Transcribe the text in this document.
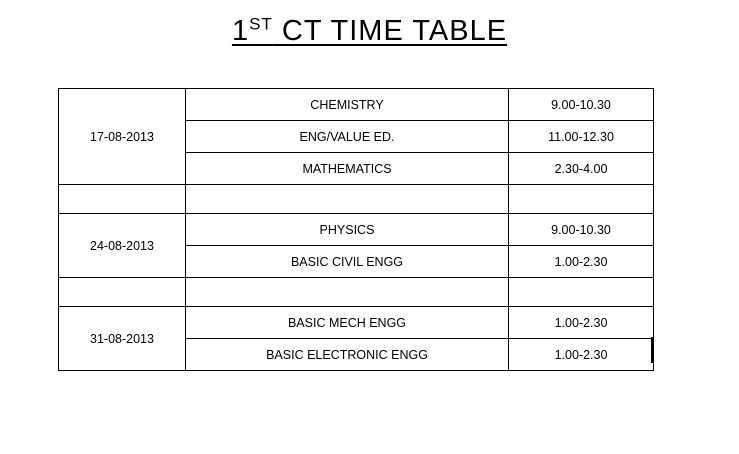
1ST CT TIME TABLE
17-08-2013	CHEMISTRY	9.00-10.30
	ENG/VALUE ED.	11.00-12.30
	MATHEMATICS	2.30-4.00

24-08-2013	PHYSICS	9.00-10.30
	BASIC CIVIL ENGG	1.00-2.30

31-08-2013	BASIC MECH ENGG	1.00-2.30
	BASIC ELECTRONIC ENGG	1.00-2.30
